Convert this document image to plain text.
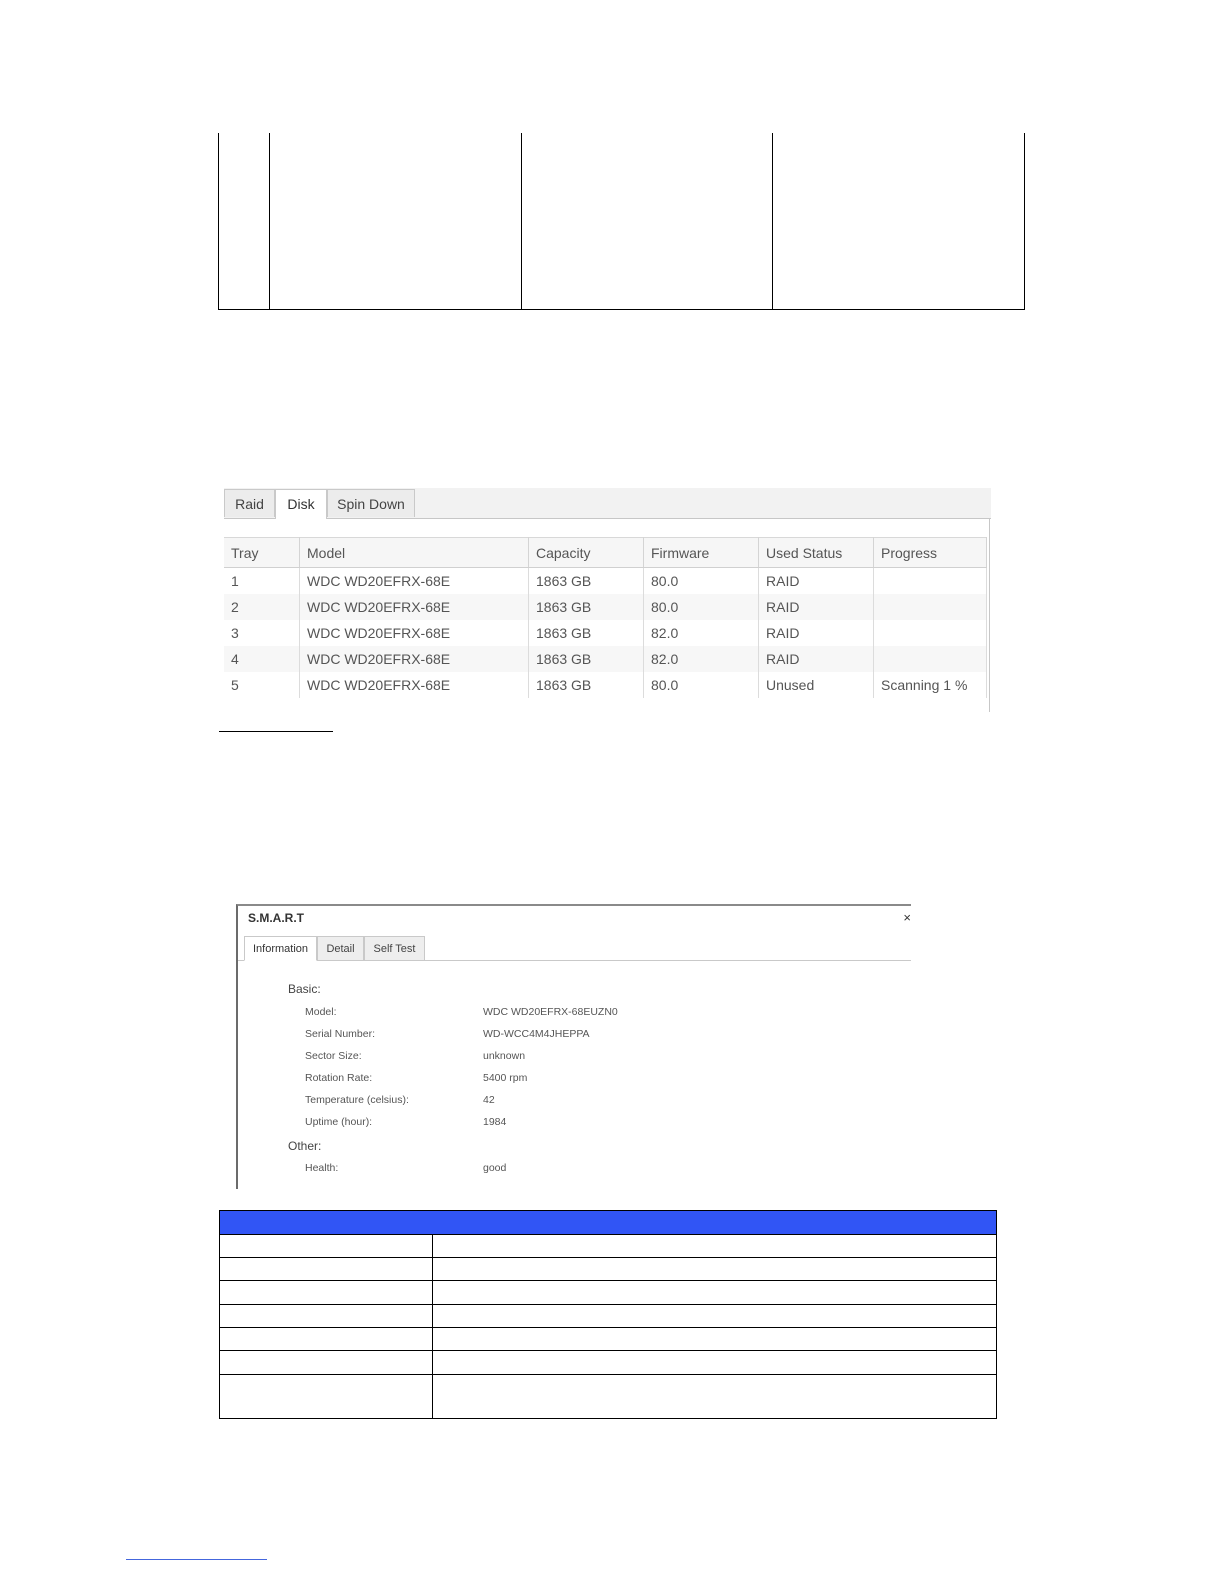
Raid	Disk	Spin Down
Tray	Model	Capacity	Firmware	Used Status	Progress
1	WDC WD20EFRX-68E	1863 GB	80.0	RAID	
2	WDC WD20EFRX-68E	1863 GB	80.0	RAID	
3	WDC WD20EFRX-68E	1863 GB	82.0	RAID	
4	WDC WD20EFRX-68E	1863 GB	82.0	RAID	
5	WDC WD20EFRX-68E	1863 GB	80.0	Unused	Scanning 1 %
S.M.A.R.T	×
Information	Detail	Self Test
Basic:
Model:	WDC WD20EFRX-68EUZN0
Serial Number:	WD-WCC4M4JHEPPA
Sector Size:	unknown
Rotation Rate:	5400 rpm
Temperature (celsius):	42
Uptime (hour):	1984
Other:
Health:	good
